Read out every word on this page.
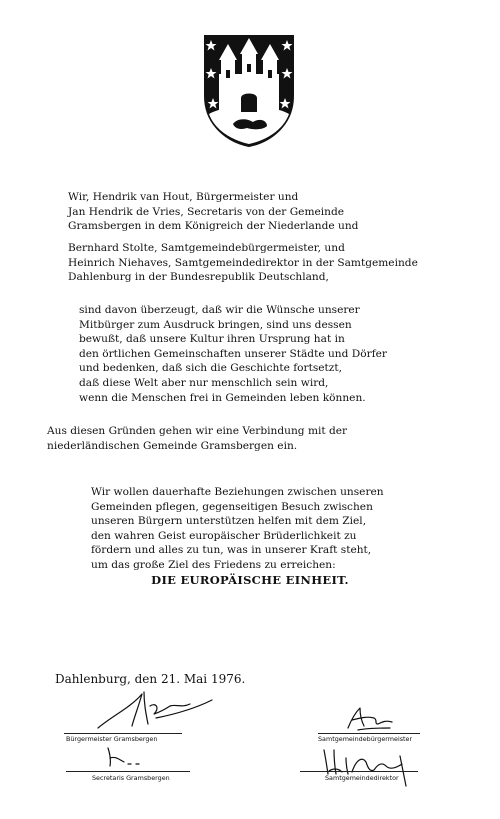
Wir, Hendrik van Hout, Bürgermeister und
Jan Hendrik de Vries, Secretaris von der Gemeinde
Gramsbergen in dem Königreich der Niederlande und

Bernhard Stolte, Samtgemeindebürgermeister, und
Heinrich Niehaves, Samtgemeindedirektor in der Samtgemeinde
Dahlenburg in der Bundesrepublik Deutschland,

sind davon überzeugt, daß wir die Wünsche unserer
Mitbürger zum Ausdruck bringen, sind uns dessen
bewußt, daß unsere Kultur ihren Ursprung hat in
den örtlichen Gemeinschaften unserer Städte und Dörfer
und bedenken, daß sich die Geschichte fortsetzt,
daß diese Welt aber nur menschlich sein wird,
wenn die Menschen frei in Gemeinden leben können.

Aus diesen Gründen gehen wir eine Verbindung mit der
niederländischen Gemeinde Gramsbergen ein.

Wir wollen dauerhafte Beziehungen zwischen unseren
Gemeinden pflegen, gegenseitigen Besuch zwischen
unseren Bürgern unterstützen helfen mit dem Ziel,
den wahren Geist europäischer Brüderlichkeit zu
fördern und alles zu tun, was in unserer Kraft steht,
um das große Ziel des Friedens zu erreichen:

DIE EUROPÄISCHE EINHEIT.
Dahlenburg, den 21. Mai 1976.
Bürgermeister Gramsbergen
Secretaris Gramsbergen
Samtgemeindebürgermeister
Samtgemeindedirektor
